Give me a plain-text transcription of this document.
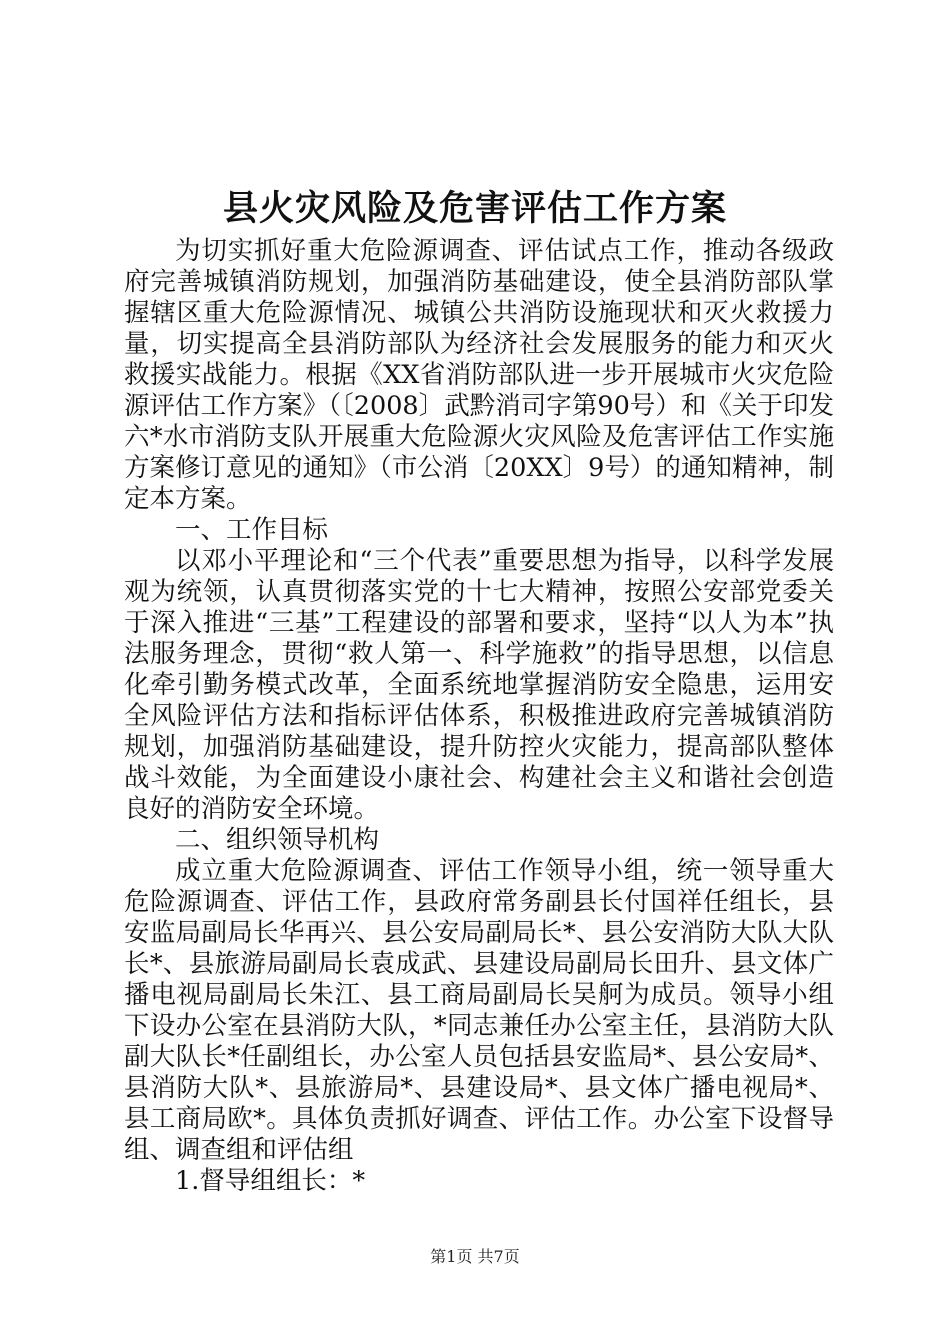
县火灾风险及危害评估工作方案

为切实抓好重大危险源调查、评估试点工作，推动各级政府完善城镇消防规划，加强消防基础建设，使全县消防部队掌握辖区重大危险源情况、城镇公共消防设施现状和灭火救援力量，切实提高全县消防部队为经济社会发展服务的能力和灭火救援实战能力。根据《XX省消防部队进一步开展城市火灾危险源评估工作方案》（〔2008〕武黔消司字第90号）和《关于印发六*水市消防支队开展重大危险源火灾风险及危害评估工作实施方案修订意见的通知》（市公消〔20XX〕9号）的通知精神，制定本方案。

一、工作目标

以邓小平理论和“三个代表”重要思想为指导，以科学发展观为统领，认真贯彻落实党的十七大精神，按照公安部党委关于深入推进“三基”工程建设的部署和要求，坚持“以人为本”执法服务理念，贯彻“救人第一、科学施救”的指导思想，以信息化牵引勤务模式改革，全面系统地掌握消防安全隐患，运用安全风险评估方法和指标评估体系，积极推进政府完善城镇消防规划，加强消防基础建设，提升防控火灾能力，提高部队整体战斗效能，为全面建设小康社会、构建社会主义和谐社会创造良好的消防安全环境。

二、组织领导机构

成立重大危险源调查、评估工作领导小组，统一领导重大危险源调查、评估工作，县政府常务副县长付国祥任组长，县安监局副局长华再兴、县公安局副局长*、县公安消防大队大队长*、县旅游局副局长袁成武、县建设局副局长田升、县文体广播电视局副局长朱江、县工商局副局长吴舸为成员。领导小组下设办公室在县消防大队，*同志兼任办公室主任，县消防大队副大队长*任副组长，办公室人员包括县安监局*、县公安局*、县消防大队*、县旅游局*、县建设局*、县文体广播电视局*、县工商局欧*。具体负责抓好调查、评估工作。办公室下设督导组、调查组和评估组

1.督导组组长：*

第1页 共7页
